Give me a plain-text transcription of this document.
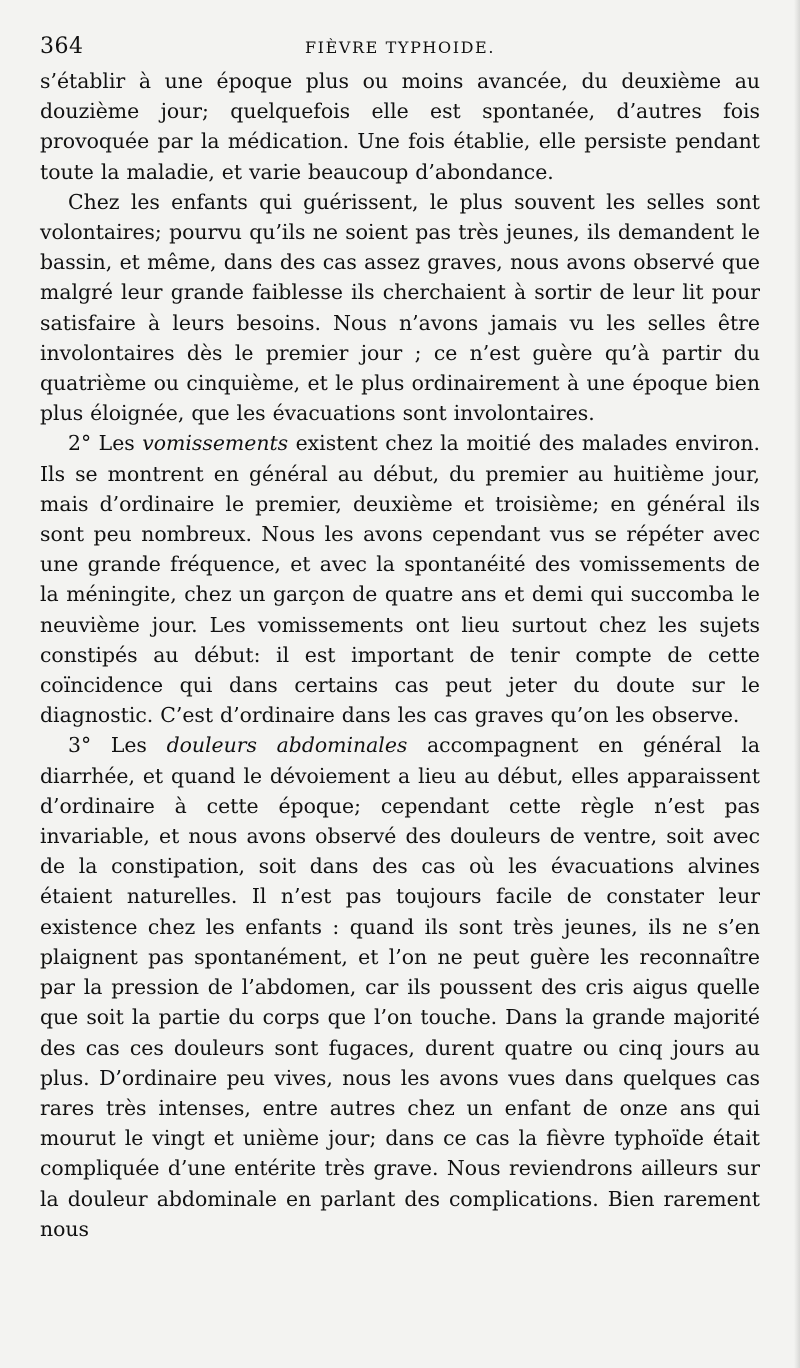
364	FIÈVRE TYPHOIDE.

s’établir à une époque plus ou moins avancée, du deuxième au douzième jour; quelquefois elle est spontanée, d’autres fois provoquée par la médication. Une fois établie, elle persiste pendant toute la maladie, et varie beaucoup d’abondance.

Chez les enfants qui guérissent, le plus souvent les selles sont volontaires; pourvu qu’ils ne soient pas très jeunes, ils demandent le bassin, et même, dans des cas assez graves, nous avons observé que malgré leur grande faiblesse ils cherchaient à sortir de leur lit pour satisfaire à leurs besoins. Nous n’avons jamais vu les selles être involontaires dès le premier jour ; ce n’est guère qu’à partir du quatrième ou cinquième, et le plus ordinairement à une époque bien plus éloignée, que les évacuations sont involontaires.

2° Les vomissements existent chez la moitié des malades environ. Ils se montrent en général au début, du premier au huitième jour, mais d’ordinaire le premier, deuxième et troisième; en général ils sont peu nombreux. Nous les avons cependant vus se répéter avec une grande fréquence, et avec la spontanéité des vomissements de la méningite, chez un garçon de quatre ans et demi qui succomba le neuvième jour. Les vomissements ont lieu surtout chez les sujets constipés au début: il est important de tenir compte de cette coïncidence qui dans certains cas peut jeter du doute sur le diagnostic. C’est d’ordinaire dans les cas graves qu’on les observe.

3° Les douleurs abdominales accompagnent en général la diarrhée, et quand le dévoiement a lieu au début, elles apparaissent d’ordinaire à cette époque; cependant cette règle n’est pas invariable, et nous avons observé des douleurs de ventre, soit avec de la constipation, soit dans des cas où les évacuations alvines étaient naturelles. Il n’est pas toujours facile de constater leur existence chez les enfants : quand ils sont très jeunes, ils ne s’en plaignent pas spontanément, et l’on ne peut guère les reconnaître par la pression de l’abdomen, car ils poussent des cris aigus quelle que soit la partie du corps que l’on touche. Dans la grande majorité des cas ces douleurs sont fugaces, durent quatre ou cinq jours au plus. D’ordinaire peu vives, nous les avons vues dans quelques cas rares très intenses, entre autres chez un enfant de onze ans qui mourut le vingt et unième jour; dans ce cas la fièvre typhoïde était compliquée d’une entérite très grave. Nous reviendrons ailleurs sur la douleur abdominale en parlant des complications. Bien rarement nous
